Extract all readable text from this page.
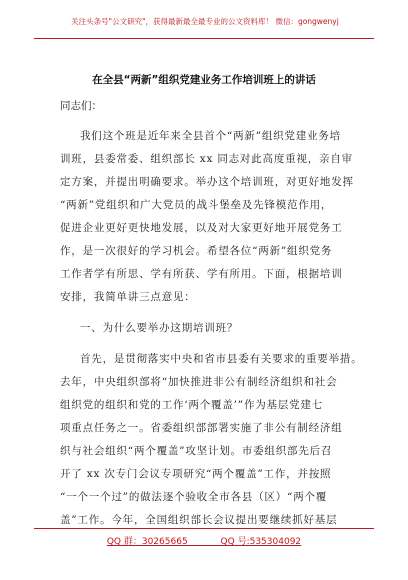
关注头条号"公文研究"，获得最新最全最专业的公文资料库！ 微信：gongwenyj
在全县“两新”组织党建业务工作培训班上的讲话
同志们：
我们这个班是近年来全县首个“两新”组织党建业务培
训班，县委常委、组织部长 xx 同志对此高度重视，亲自审
定方案，并提出明确要求。举办这个培训班，对更好地发挥
“两新”党组织和广大党员的战斗堡垒及先锋模范作用，
促进企业更好更快地发展，以及对大家更好地开展党务工
作，是一次很好的学习机会。希望各位“两新”组织党务
工作者学有所思、学有所获、学有所用。下面，根据培训
安排，我简单讲三点意见：
一、为什么要举办这期培训班？
首先，是贯彻落实中央和省市县委有关要求的重要举措。
去年，中央组织部将“加快推进非公有制经济组织和社会
组织党的组织和党的工作‘两个覆盖’”作为基层党建七
项重点任务之一。省委组织部部署实施了非公有制经济组
织与社会组织“两个覆盖”攻坚计划。市委组织部先后召
开了 xx 次专门会议专项研究“两个覆盖”工作，并按照
“一个一个过”的做法逐个验收全市各县（区）“两个覆
盖”工作。今年，全国组织部长会议提出要继续抓好基层
QQ 群：30265665	QQ 号:535304092
